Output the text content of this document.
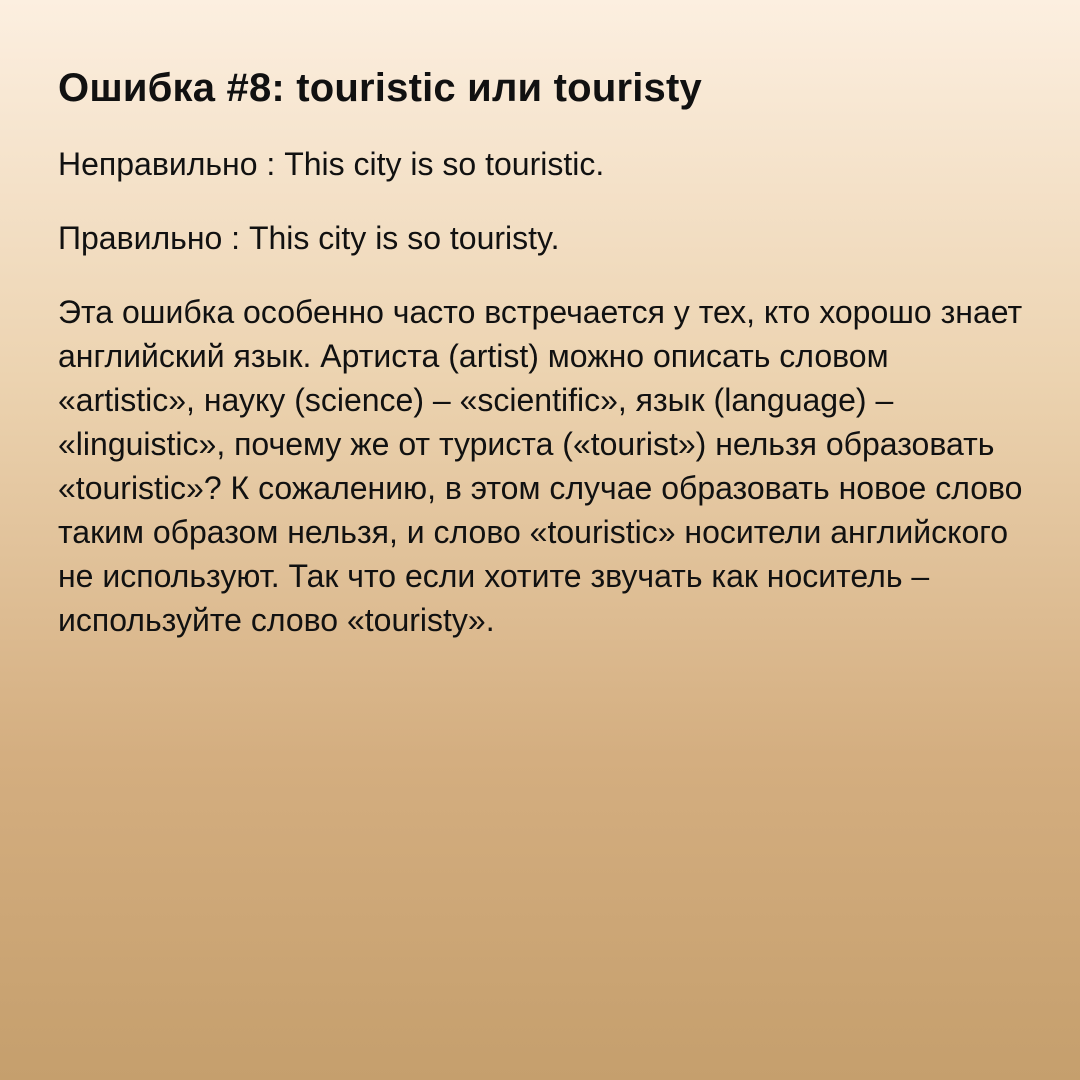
Ошибка #8: touristic или touristy

Неправильно : This city is so touristic.

Правильно : This city is so touristy.

Эта ошибка особенно часто встречается у тех, кто хорошо знает английский язык. Артиста (artist) можно описать словом «artistic», науку (science) – «scientific», язык (language) – «linguistic», почему же от туриста («tourist») нельзя образовать «touristic»? К сожалению, в этом случае образовать новое слово таким образом нельзя, и слово «touristic» носители английского не используют. Так что если хотите звучать как носитель – используйте слово «touristy».
